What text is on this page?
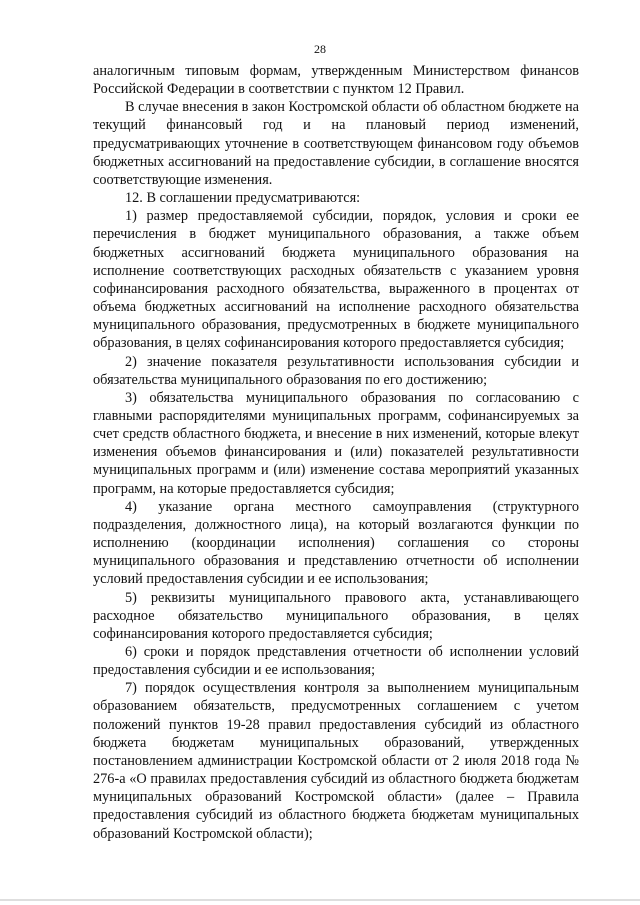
28

аналогичным типовым формам, утвержденным Министерством финансов Российской Федерации в соответствии с пунктом 12 Правил.

В случае внесения в закон Костромской области об областном бюджете на текущий финансовый год и на плановый период изменений, предусматривающих уточнение в соответствующем финансовом году объемов бюджетных ассигнований на предоставление субсидии, в соглашение вносятся соответствующие изменения.

12. В соглашении предусматриваются:

1) размер предоставляемой субсидии, порядок, условия и сроки ее перечисления в бюджет муниципального образования, а также объем бюджетных ассигнований бюджета муниципального образования на исполнение соответствующих расходных обязательств с указанием уровня софинансирования расходного обязательства, выраженного в процентах от объема бюджетных ассигнований на исполнение расходного обязательства муниципального образования, предусмотренных в бюджете муниципального образования, в целях софинансирования которого предоставляется субсидия;

2) значение показателя результативности использования субсидии и обязательства муниципального образования по его достижению;

3) обязательства муниципального образования по согласованию с главными распорядителями муниципальных программ, софинансируемых за счет средств областного бюджета, и внесение в них изменений, которые влекут изменения объемов финансирования и (или) показателей результативности муниципальных программ и (или) изменение состава мероприятий указанных программ, на которые предоставляется субсидия;

4) указание органа местного самоуправления (структурного подразделения, должностного лица), на который возлагаются функции по исполнению (координации исполнения) соглашения со стороны муниципального образования и представлению отчетности об исполнении условий предоставления субсидии и ее использования;

5) реквизиты муниципального правового акта, устанавливающего расходное обязательство муниципального образования, в целях софинансирования которого предоставляется субсидия;

6) сроки и порядок представления отчетности об исполнении условий предоставления субсидии и ее использования;

7) порядок осуществления контроля за выполнением муниципальным образованием обязательств, предусмотренных соглашением с учетом положений пунктов 19-28 правил предоставления субсидий из областного бюджета бюджетам муниципальных образований, утвержденных постановлением администрации Костромской области от 2 июля 2018 года № 276-а «О правилах предоставления субсидий из областного бюджета бюджетам муниципальных образований Костромской области» (далее – Правила предоставления субсидий из областного бюджета бюджетам муниципальных образований Костромской области);
